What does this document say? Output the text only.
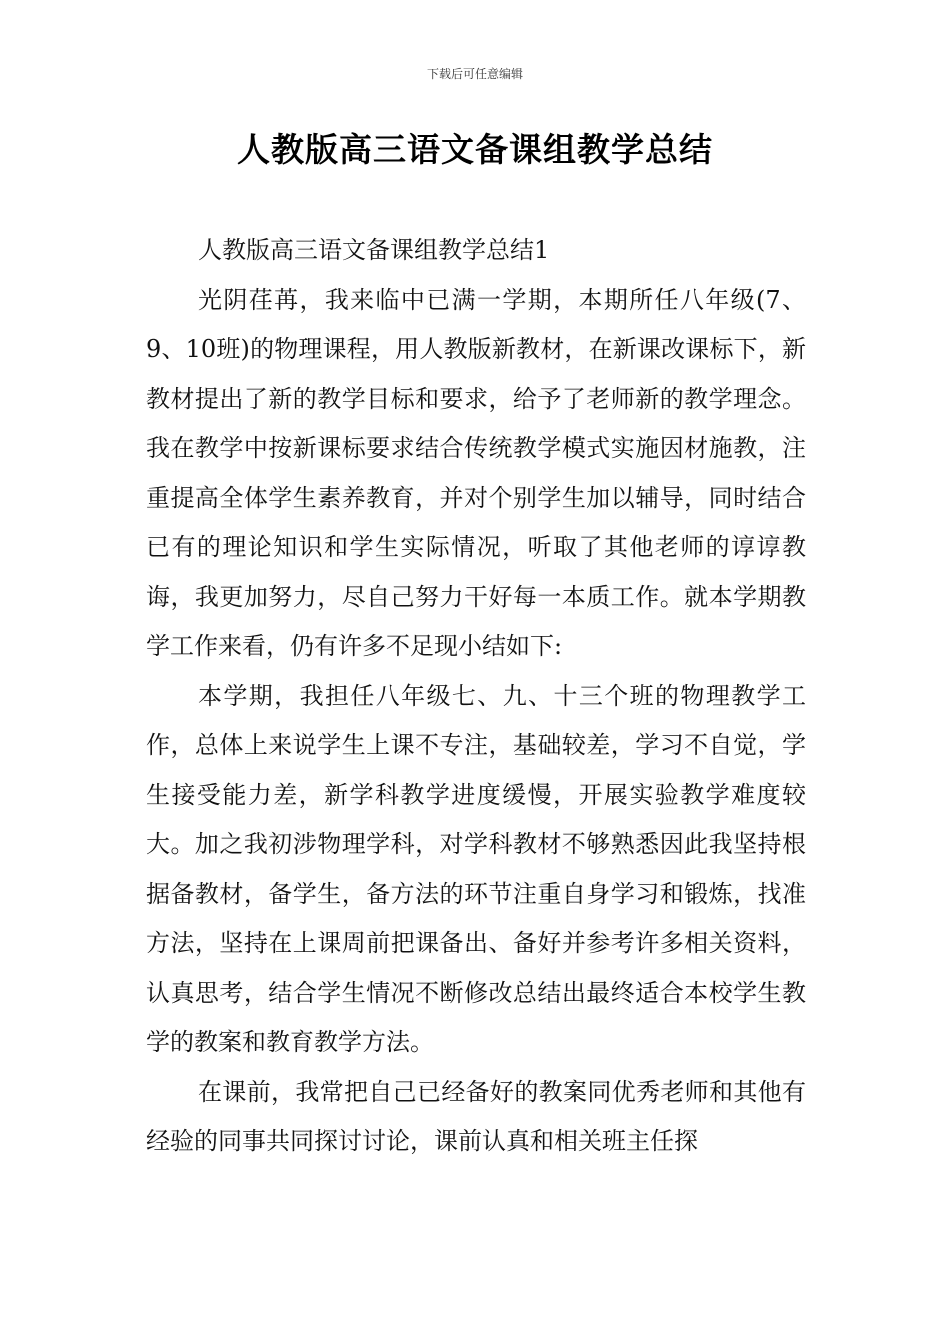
下载后可任意编辑
人教版高三语文备课组教学总结

人教版高三语文备课组教学总结1

光阴荏苒，我来临中已满一学期，本期所任八年级(7、9、10班)的物理课程，用人教版新教材，在新课改课标下，新教材提出了新的教学目标和要求，给予了老师新的教学理念。我在教学中按新课标要求结合传统教学模式实施因材施教，注重提高全体学生素养教育，并对个别学生加以辅导，同时结合已有的理论知识和学生实际情况，听取了其他老师的谆谆教诲，我更加努力，尽自己努力干好每一本质工作。就本学期教学工作来看，仍有许多不足现小结如下:

本学期，我担任八年级七、九、十三个班的物理教学工作，总体上来说学生上课不专注，基础较差，学习不自觉，学生接受能力差，新学科教学进度缓慢，开展实验教学难度较大。加之我初涉物理学科，对学科教材不够熟悉因此我坚持根据备教材，备学生，备方法的环节注重自身学习和锻炼，找准方法，坚持在上课周前把课备出、备好并参考许多相关资料，认真思考，结合学生情况不断修改总结出最终适合本校学生教学的教案和教育教学方法。

在课前，我常把自己已经备好的教案同优秀老师和其他有经验的同事共同探讨讨论，课前认真和相关班主任探
